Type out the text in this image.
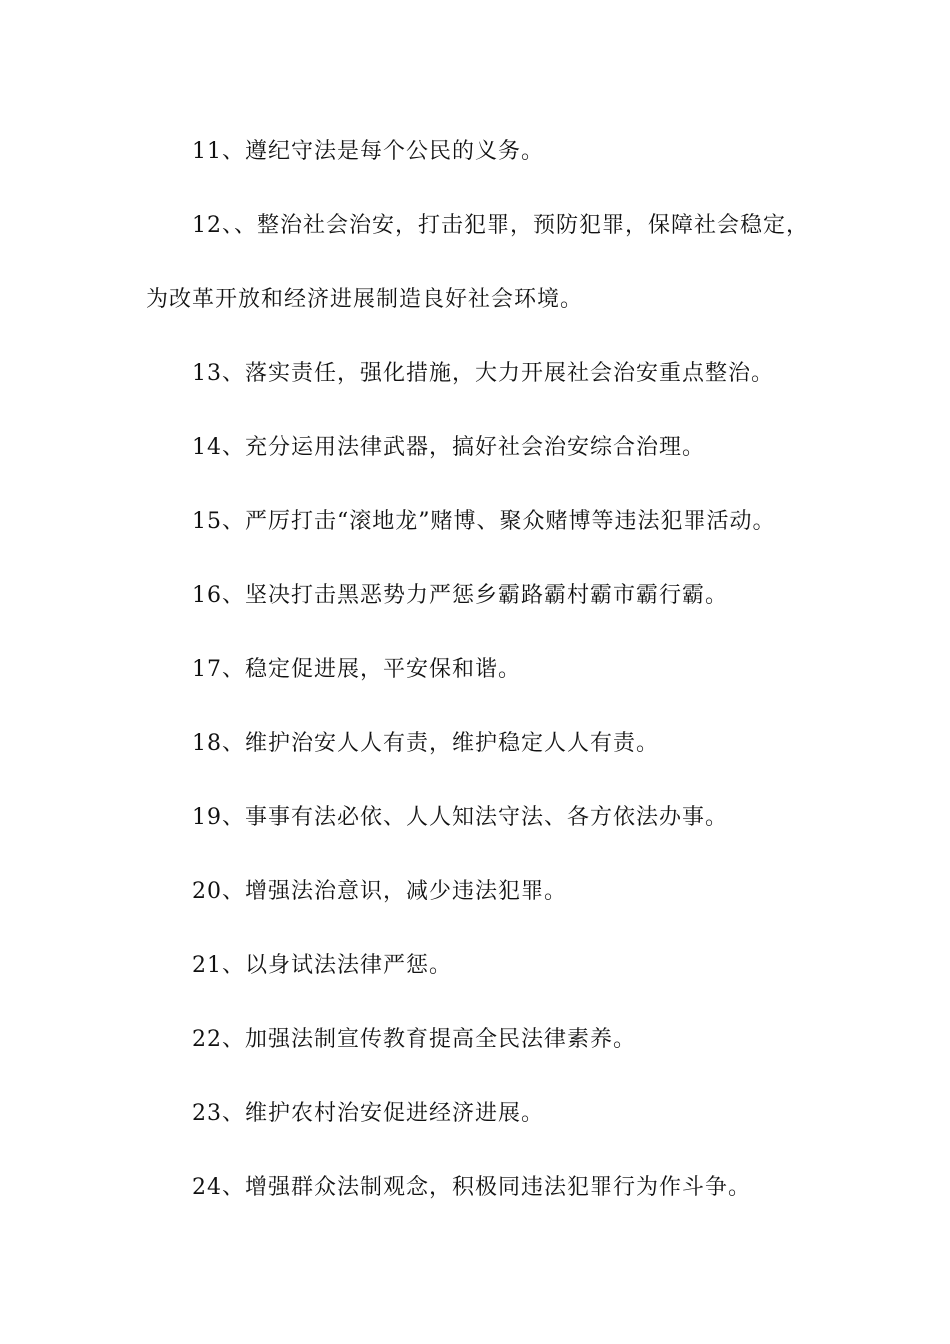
11、遵纪守法是每个公民的义务。

12、、整治社会治安，打击犯罪，预防犯罪，保障社会稳定，为改革开放和经济进展制造良好社会环境。

13、落实责任，强化措施，大力开展社会治安重点整治。

14、充分运用法律武器，搞好社会治安综合治理。

15、严厉打击“滚地龙”赌博、聚众赌博等违法犯罪活动。

16、坚决打击黑恶势力严惩乡霸路霸村霸市霸行霸。

17、稳定促进展，平安保和谐。

18、维护治安人人有责，维护稳定人人有责。

19、事事有法必依、人人知法守法、各方依法办事。

20、增强法治意识，减少违法犯罪。

21、以身试法法律严惩。

22、加强法制宣传教育提高全民法律素养。

23、维护农村治安促进经济进展。

24、增强群众法制观念，积极同违法犯罪行为作斗争。
